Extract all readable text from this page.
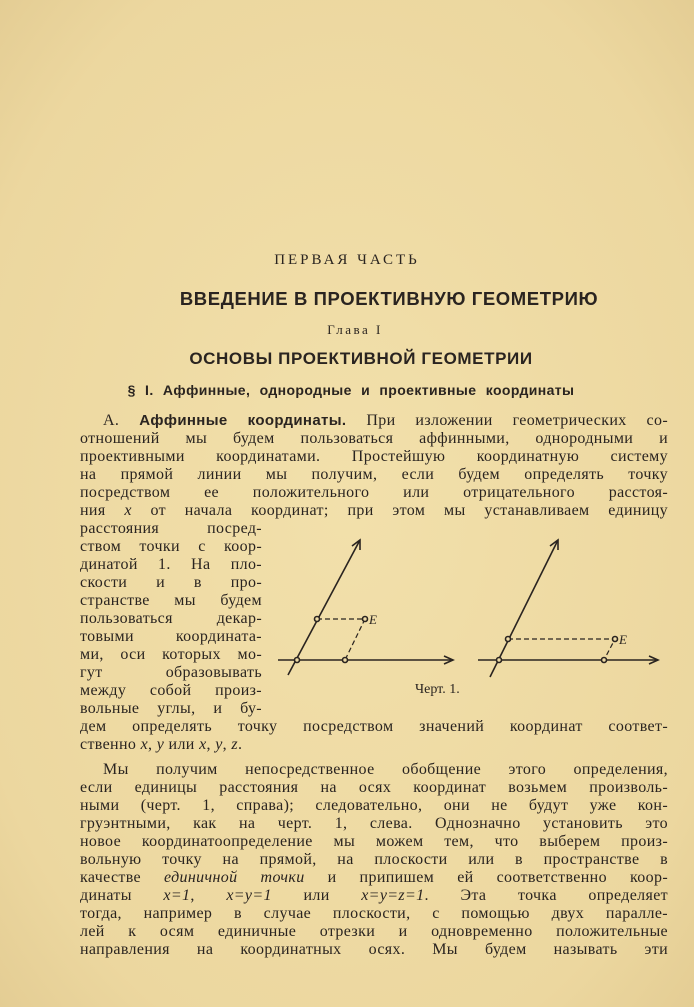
ПЕРВАЯ ЧАСТЬ
ВВЕДЕНИЕ В ПРОЕКТИВНУЮ ГЕОМЕТРИЮ
Глава I
ОСНОВЫ ПРОЕКТИВНОЙ ГЕОМЕТРИИ
§ I. Аффинные, однородные и проективные координаты
А. Аффинные координаты. При изложении геометрических со-
отношений мы будем пользоваться аффинными, однородными и
проективными координатами. Простейшую координатную систему
на прямой линии мы получим, если будем определять точку
посредством ее положительного или отрицательного расстоя-
ния x от начала координат; при этом мы устанавливаем единицу
расстояния посред-
ством точки с коор-
динатой 1. На пло-
скости и в про-
странстве мы будем
пользоваться декар-
товыми координата-
ми, оси которых мо-
гут образовывать
между собой произ-
вольные углы, и бу-
дем определять точку посредством значений координат соответ-
ственно x, y или x, y, z.
E
E
Черт. 1.
Мы получим непосредственное обобщение этого определения,
если единицы расстояния на осях координат возьмем произволь-
ными (черт. 1, справа); следовательно, они не будут уже кон-
груэнтными, как на черт. 1, слева. Однозначно установить это
новое координатоопределение мы можем тем, что выберем произ-
вольную точку на прямой, на плоскости или в пространстве в
качестве единичной точки и припишем ей соответственно коор-
динаты x=1, x=y=1 или x=y=z=1. Эта точка определяет
тогда, например в случае плоскости, с помощью двух паралле-
лей к осям единичные отрезки и одновременно положительные
направления на координатных осях. Мы будем называть эти
